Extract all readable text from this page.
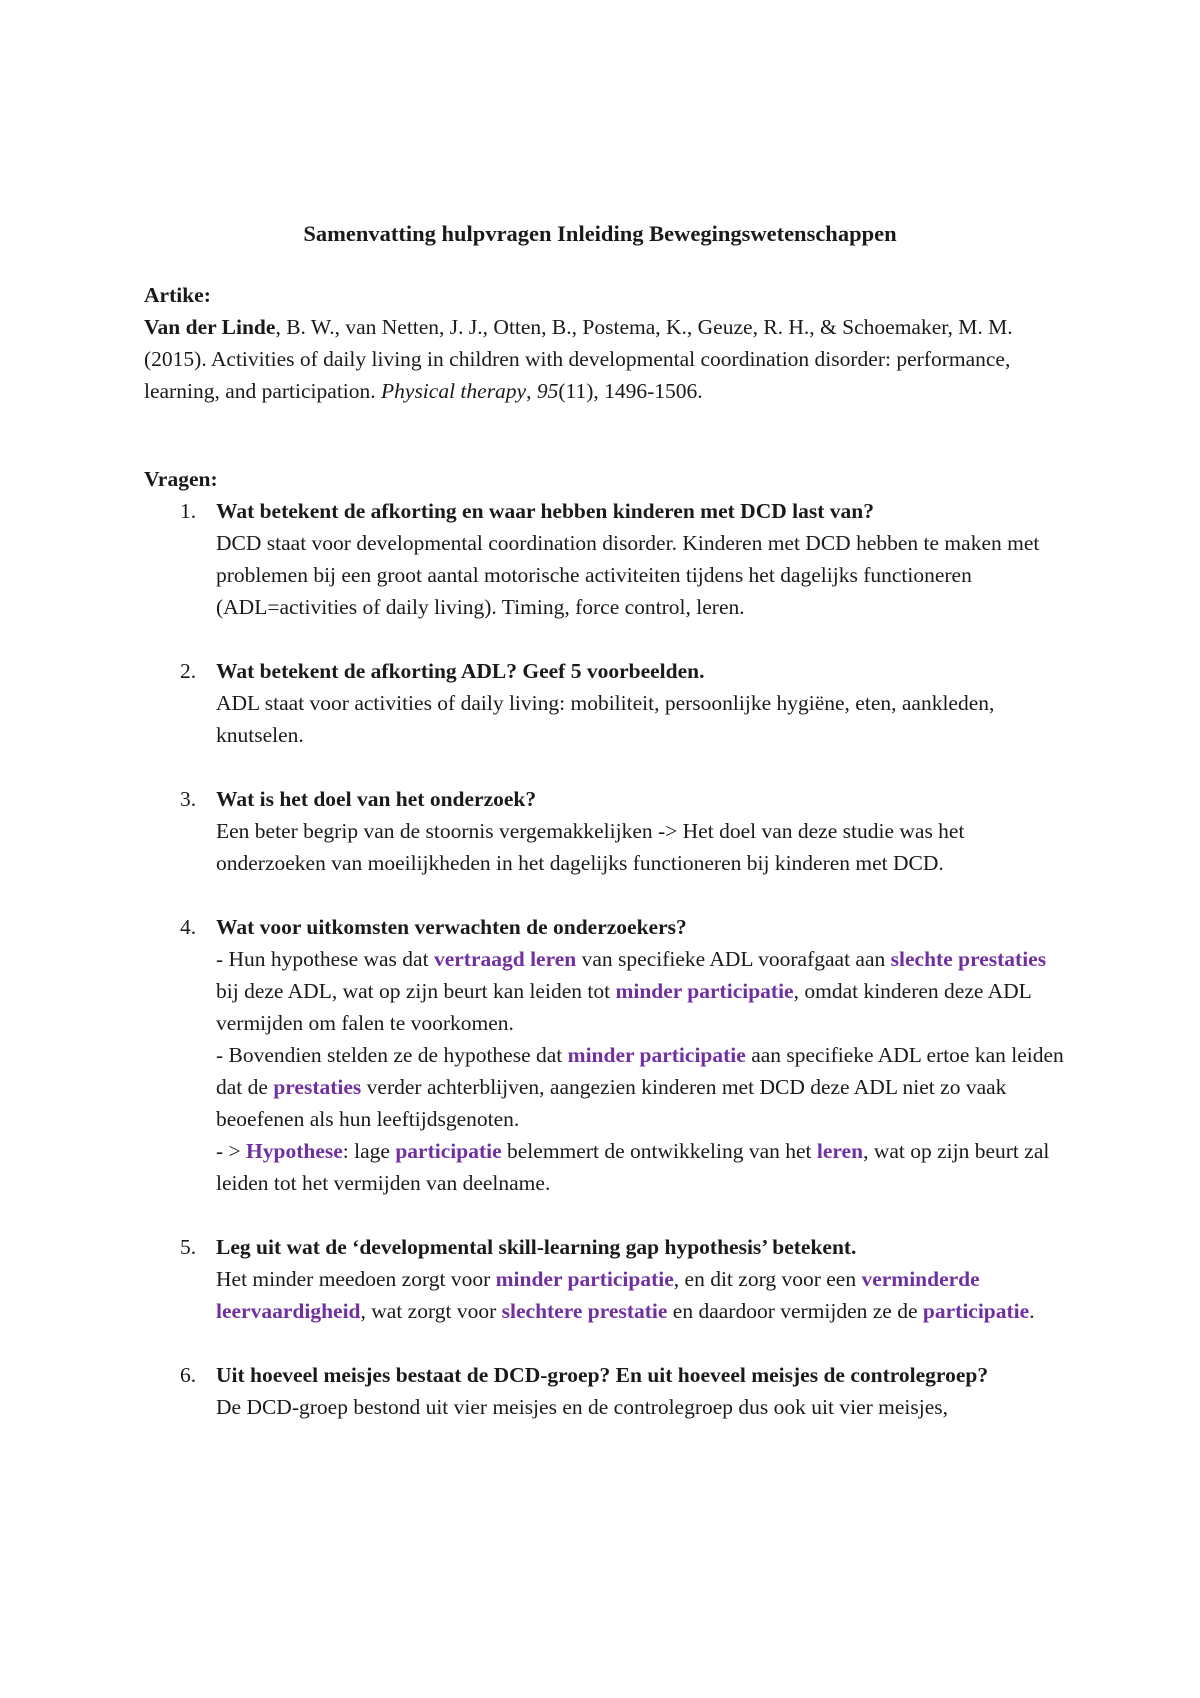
Samenvatting hulpvragen Inleiding Bewegingswetenschappen
Artike:
Van der Linde, B. W., van Netten, J. J., Otten, B., Postema, K., Geuze, R. H., & Schoemaker, M. M. (2015). Activities of daily living in children with developmental coordination disorder: performance, learning, and participation. Physical therapy, 95(11), 1496-1506.
Vragen:
1. Wat betekent de afkorting en waar hebben kinderen met DCD last van?
DCD staat voor developmental coordination disorder. Kinderen met DCD hebben te maken met problemen bij een groot aantal motorische activiteiten tijdens het dagelijks functioneren (ADL=activities of daily living). Timing, force control, leren.
2. Wat betekent de afkorting ADL? Geef 5 voorbeelden.
ADL staat voor activities of daily living: mobiliteit, persoonlijke hygiëne, eten, aankleden, knutselen.
3. Wat is het doel van het onderzoek?
Een beter begrip van de stoornis vergemakkelijken -> Het doel van deze studie was het onderzoeken van moeilijkheden in het dagelijks functioneren bij kinderen met DCD.
4. Wat voor uitkomsten verwachten de onderzoekers?
- Hun hypothese was dat vertraagd leren van specifieke ADL voorafgaat aan slechte prestaties bij deze ADL, wat op zijn beurt kan leiden tot minder participatie, omdat kinderen deze ADL vermijden om falen te voorkomen.
- Bovendien stelden ze de hypothese dat minder participatie aan specifieke ADL ertoe kan leiden dat de prestaties verder achterblijven, aangezien kinderen met DCD deze ADL niet zo vaak beoefenen als hun leeftijdsgenoten.
- > Hypothese: lage participatie belemmert de ontwikkeling van het leren, wat op zijn beurt zal leiden tot het vermijden van deelname.
5. Leg uit wat de ‘developmental skill-learning gap hypothesis’ betekent.
Het minder meedoen zorgt voor minder participatie, en dit zorg voor een verminderde leervaardigheid, wat zorgt voor slechtere prestatie en daardoor vermijden ze de participatie.
6. Uit hoeveel meisjes bestaat de DCD-groep? En uit hoeveel meisjes de controlegroep?
De DCD-groep bestond uit vier meisjes en de controlegroep dus ook uit vier meisjes,
